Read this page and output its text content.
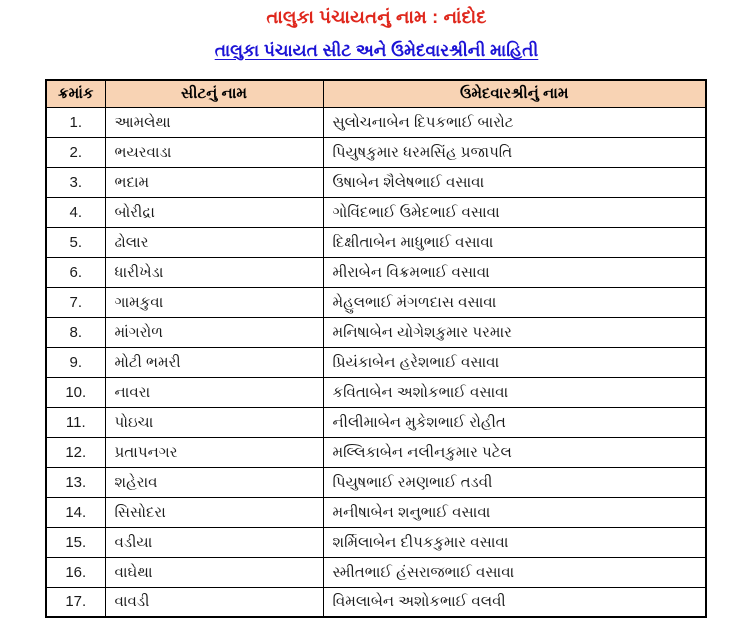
તાલુકા પંચાયતનું નામ : નાંદોદ
તાલુકા પંચાયત સીટ અને ઉમેદવારશ્રીની માહિતી
ક્રમાંક	સીટનું નામ	ઉમેદવારશ્રીનું નામ
1.	આમલેથા	સુલોચનાબેન દિપકભાઈ બારોટ
2.	ભયરવાડા	પિયુષકુમાર ધરમસિંહ પ્રજાપતિ
3.	ભદામ	ઉષાબેન શૈલેષભાઈ વસાવા
4.	બોરીદ્રા	ગોવિંદભાઈ ઉમેદભાઈ વસાવા
5.	ઢોલાર	દિક્ષીતાબેન માધુભાઈ વસાવા
6.	ધારીખેડા	મીરાબેન વિક્રમભાઈ વસાવા
7.	ગામકુવા	મેહુલભાઈ મંગળદાસ વસાવા
8.	માંગરોળ	મનિષાબેન યોગેશકુમાર પરમાર
9.	મોટી ભમરી	પ્રિયંકાબેન હરેશભાઈ વસાવા
10.	નાવરા	કવિતાબેન અશોકભાઈ વસાવા
11.	પોઇચા	નીલીમાબેન મુકેશભાઈ રોહીત
12.	પ્રતાપનગર	મલ્લિકાબેન નલીનકુમાર પટેલ
13.	શહેરાવ	પિયુષભાઈ રમણભાઈ તડવી
14.	સિસોદરા	મનીષાબેન શનુભાઈ વસાવા
15.	વડીયા	શર્મિલાબેન દીપકકુમાર વસાવા
16.	વાઘેથા	સ્મીતભાઈ હંસરાજભાઈ વસાવા
17.	વાવડી	વિમલાબેન અશોકભાઈ વલવી
